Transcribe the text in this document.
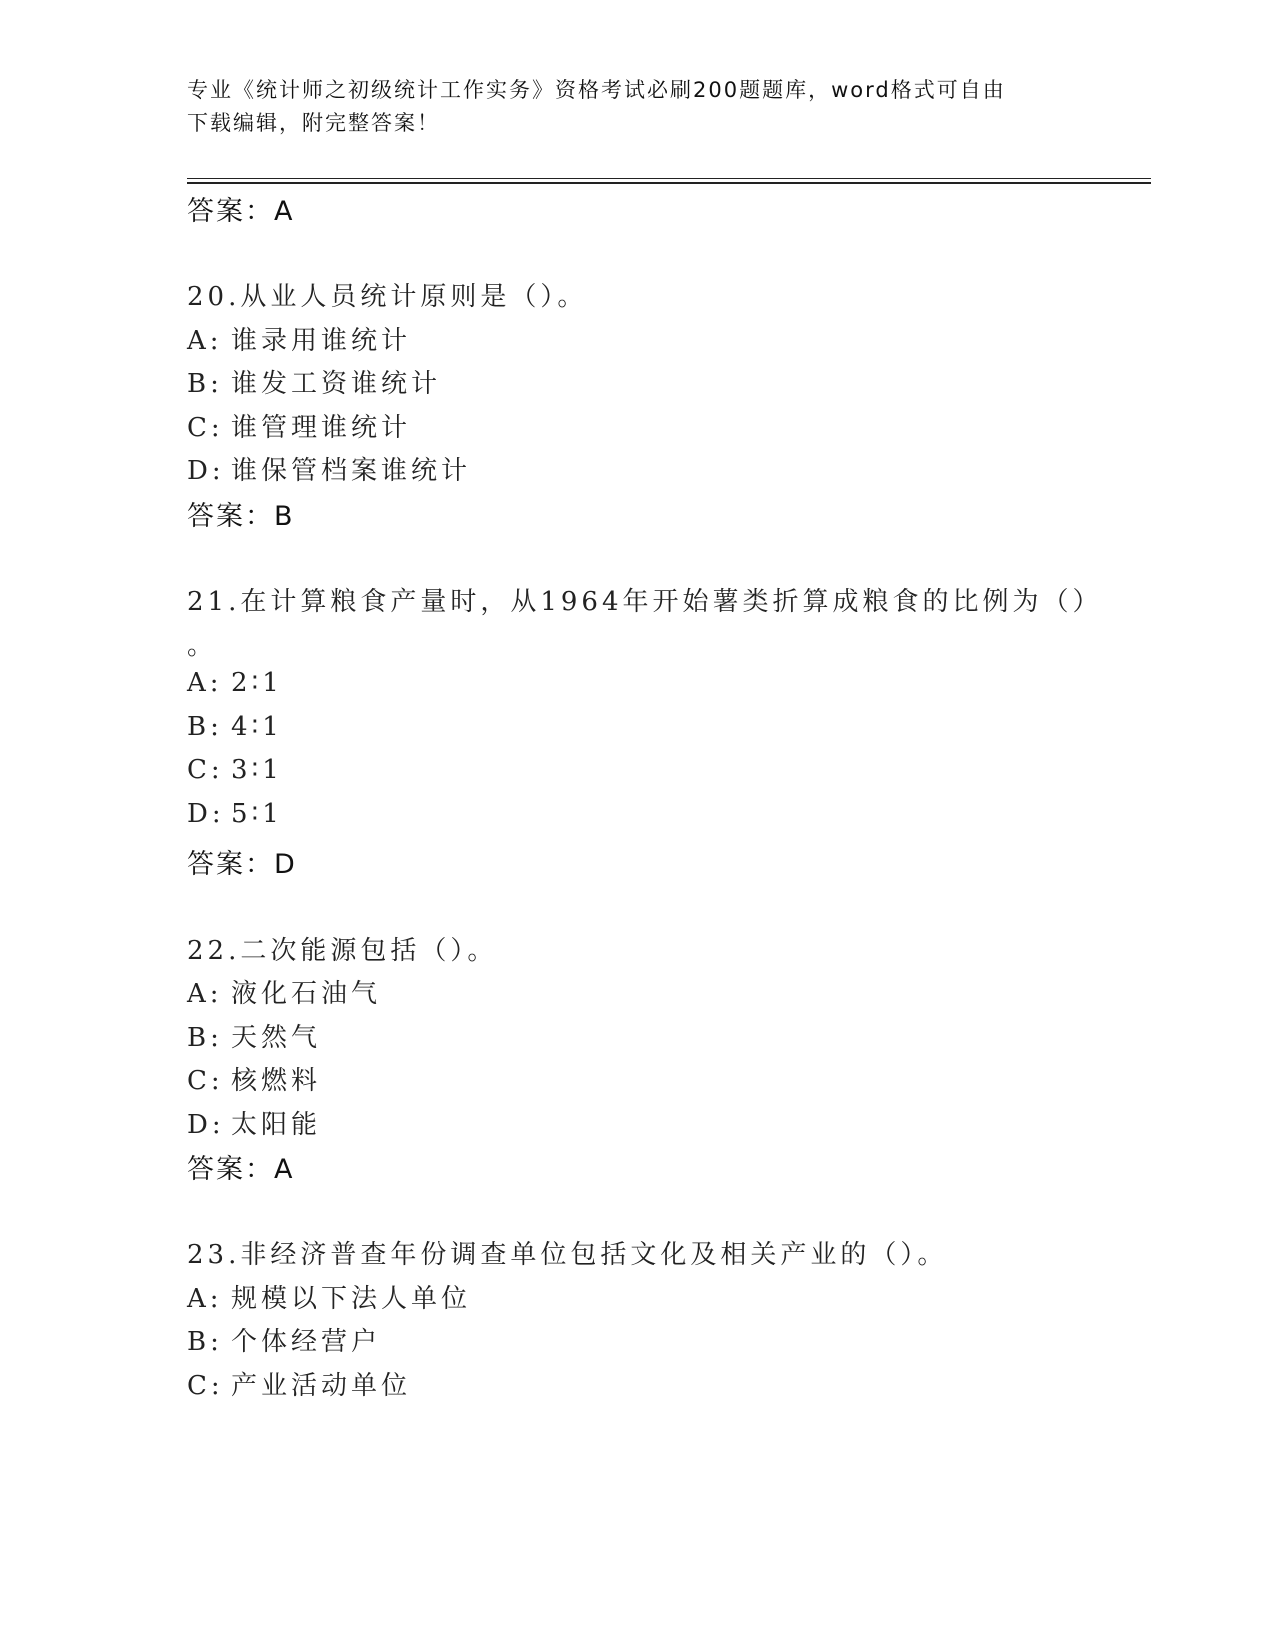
专业《统计师之初级统计工作实务》资格考试必刷200题题库，word格式可自由
下载编辑，附完整答案！
答案：A
20.从业人员统计原则是（）。
A: 谁录用谁统计
B: 谁发工资谁统计
C: 谁管理谁统计
D: 谁保管档案谁统计
答案：B
21.在计算粮食产量时，从1964年开始薯类折算成粮食的比例为（）
。
A: 2∶1
B: 4∶1
C: 3∶1
D: 5∶1
答案：D
22.二次能源包括（）。
A: 液化石油气
B: 天然气
C: 核燃料
D: 太阳能
答案：A
23.非经济普查年份调查单位包括文化及相关产业的（）。
A: 规模以下法人单位
B: 个体经营户
C: 产业活动单位
